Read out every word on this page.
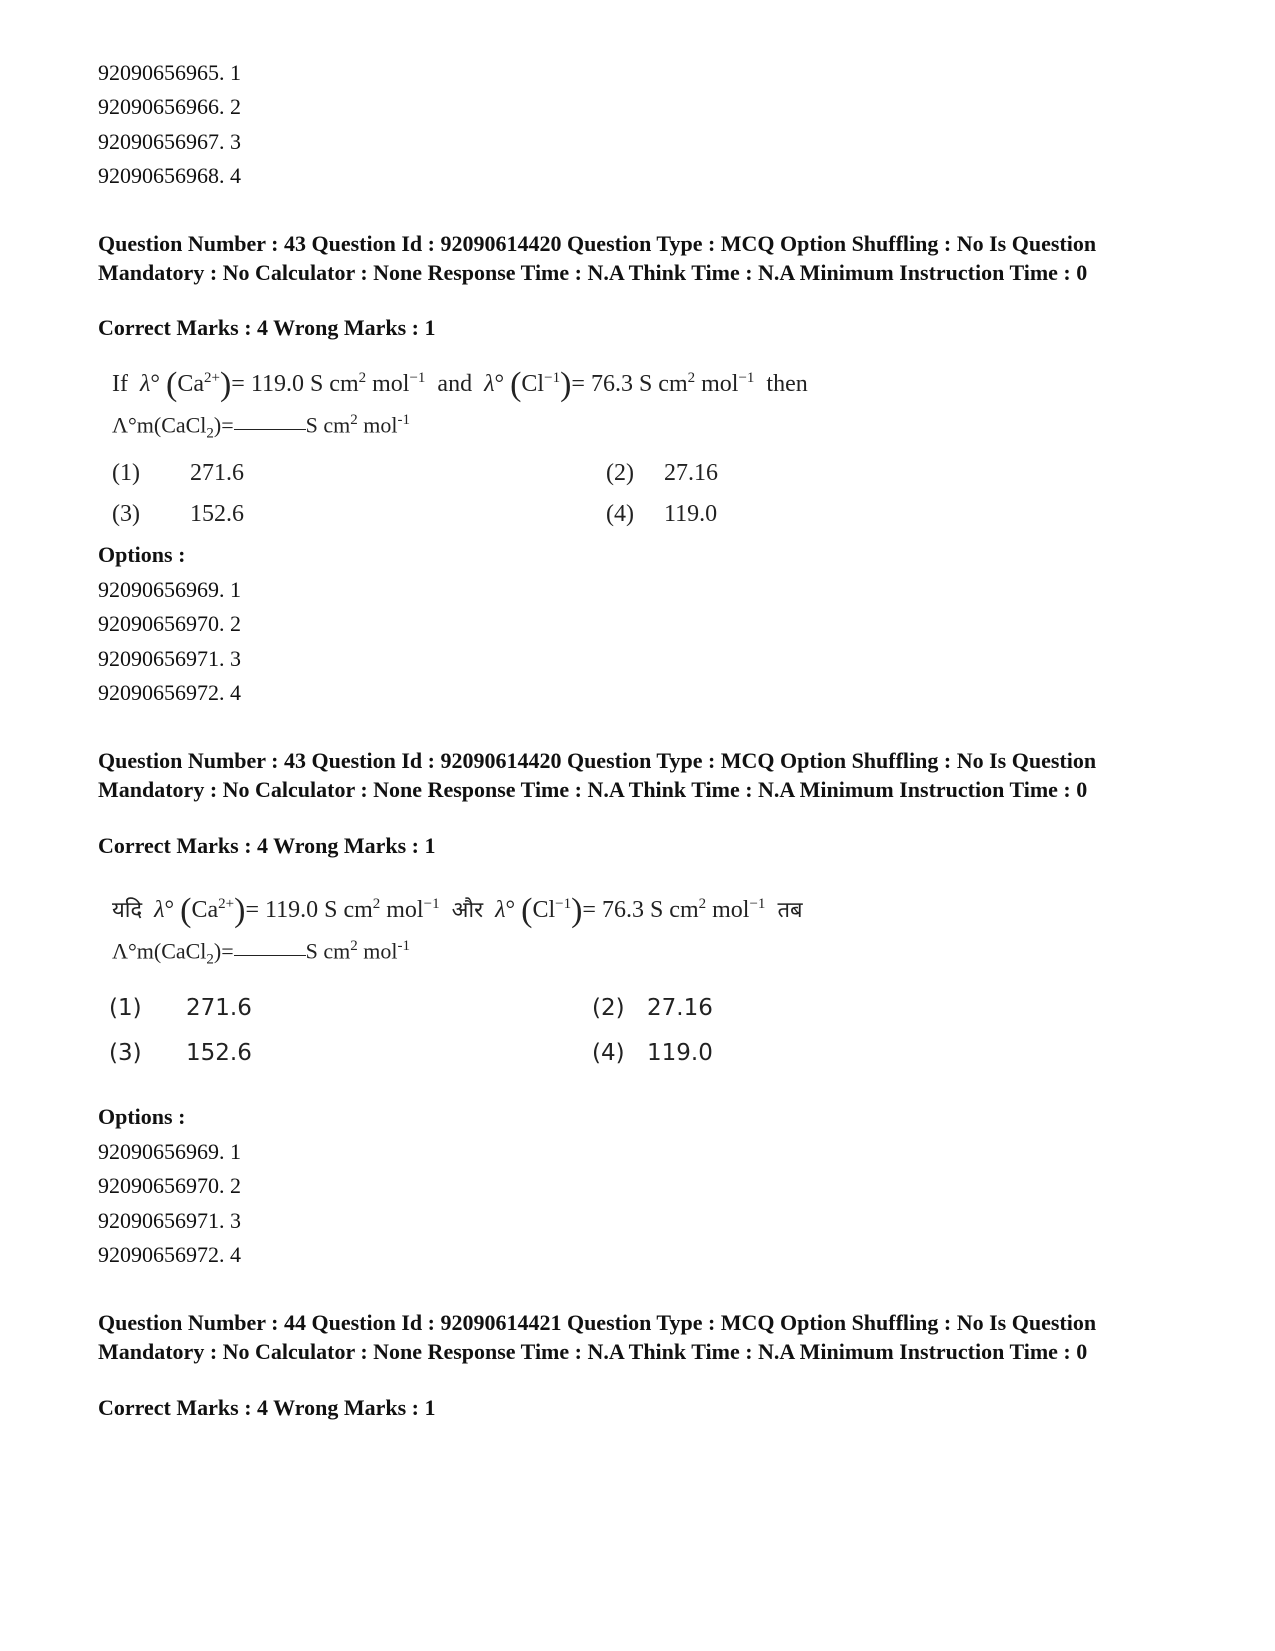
92090656965. 1
92090656966. 2
92090656967. 3
92090656968. 4
Question Number : 43 Question Id : 92090614420 Question Type : MCQ Option Shuffling : No Is Question Mandatory : No Calculator : None Response Time : N.A Think Time : N.A Minimum Instruction Time : 0
Correct Marks : 4 Wrong Marks : 1
If λ° $(Ca^{2+})= 119.0$ S $cm^2$ mol$^{-1}$ and λ° $(Cl^{-1})= 76.3$ S $cm^2$ mol$^{-1}$ then
Λ°m(CaCl$_2$)=	S $cm^2$ mol$^{-1}$
(1) 271.6	(2) 27.16
(3) 152.6	(4) 119.0
Options :
92090656969. 1
92090656970. 2
92090656971. 3
92090656972. 4
Question Number : 43 Question Id : 92090614420 Question Type : MCQ Option Shuffling : No Is Question Mandatory : No Calculator : None Response Time : N.A Think Time : N.A Minimum Instruction Time : 0
Correct Marks : 4 Wrong Marks : 1
यदि λ° $(Ca^{2+})= 119.0$ S $cm^2$ mol$^{-1}$ और λ° $(Cl^{-1})= 76.3$ S $cm^2$ mol$^{-1}$ तब
Λ°m(CaCl$_2$)=	S $cm^2$ mol$^{-1}$
(1) 271.6	(2) 27.16
(3) 152.6	(4) 119.0
Options :
92090656969. 1
92090656970. 2
92090656971. 3
92090656972. 4
Question Number : 44 Question Id : 92090614421 Question Type : MCQ Option Shuffling : No Is Question Mandatory : No Calculator : None Response Time : N.A Think Time : N.A Minimum Instruction Time : 0
Correct Marks : 4 Wrong Marks : 1
